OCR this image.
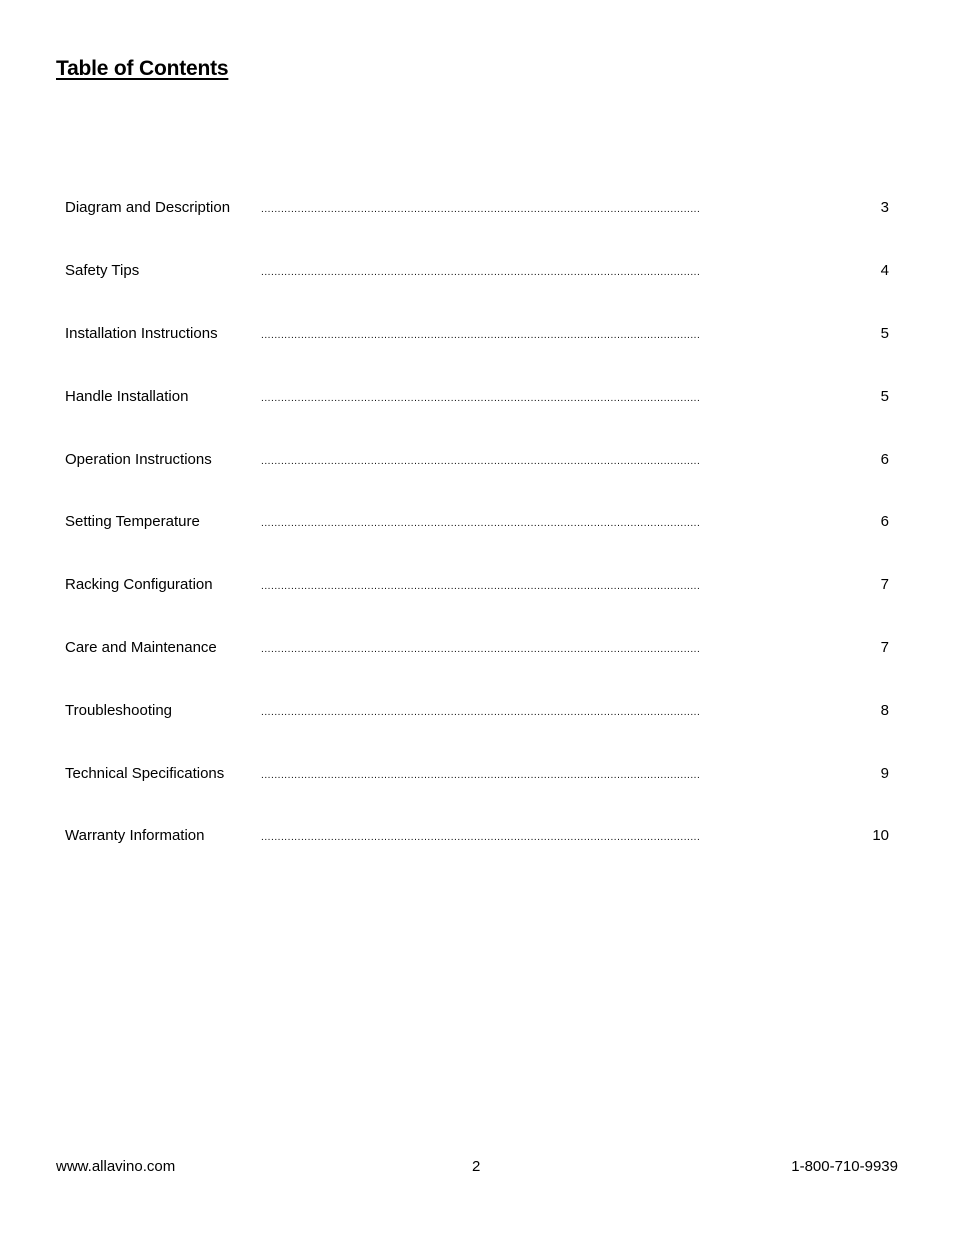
Table of Contents
Diagram and Description	....................................................................................................................................	3
Safety Tips	....................................................................................................................................	4
Installation Instructions	....................................................................................................................................	5
Handle Installation	....................................................................................................................................	5
Operation Instructions	....................................................................................................................................	6
Setting Temperature	....................................................................................................................................	6
Racking Configuration	....................................................................................................................................	7
Care and Maintenance	....................................................................................................................................	7
Troubleshooting	....................................................................................................................................	8
Technical Specifications	....................................................................................................................................	9
Warranty Information	....................................................................................................................................	10
www.allavino.com	2	1-800-710-9939
